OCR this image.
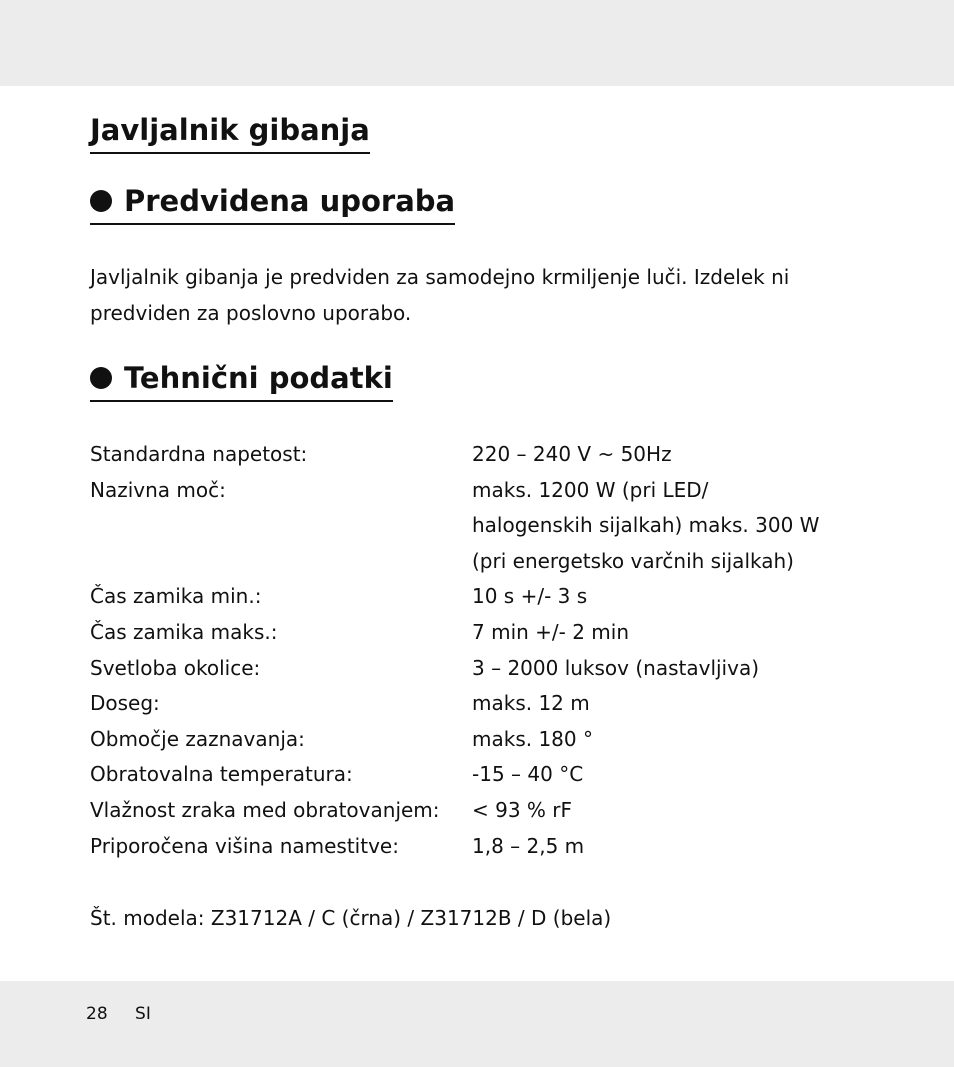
Javljalnik gibanja
Predvidena uporaba

Javljalnik gibanja je predviden za samodejno krmiljenje luči. Izdelek ni predviden za poslovno uporabo.

Tehnični podatki
Standardna napetost:	220 – 240 V ~ 50Hz
Nazivna moč:	maks. 1200 W (pri LED/
halogenskih sijalkah) maks. 300 W
(pri energetsko varčnih sijalkah)
Čas zamika min.:	10 s +/- 3 s
Čas zamika maks.:	7 min +/- 2 min
Svetloba okolice:	3 – 2000 luksov (nastavljiva)
Doseg:	maks. 12 m
Območje zaznavanja:	maks. 180 °
Obratovalna temperatura:	-15 – 40 °C
Vlažnost zraka med obratovanjem:	< 93 % rF
Priporočena višina namestitve:	1,8 – 2,5 m

Št. modela: Z31712A / C (črna) / Z31712B / D (bela)

28 SI
